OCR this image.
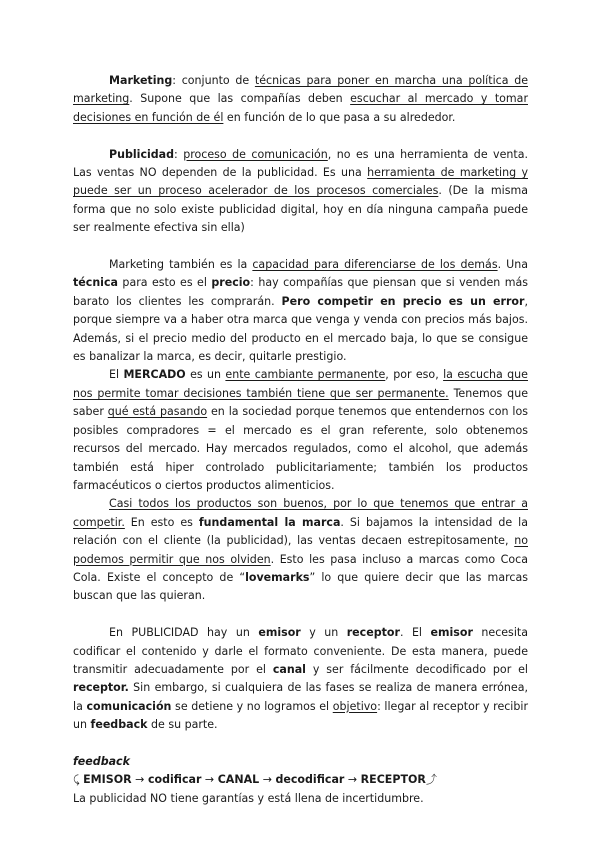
Marketing: conjunto de técnicas para poner en marcha una política de marketing. Supone que las compañías deben escuchar al mercado y tomar decisiones en función de él en función de lo que pasa a su alrededor.

Publicidad: proceso de comunicación, no es una herramienta de venta. Las ventas NO dependen de la publicidad. Es una herramienta de marketing y puede ser un proceso acelerador de los procesos comerciales. (De la misma forma que no solo existe publicidad digital, hoy en día ninguna campaña puede ser realmente efectiva sin ella)

Marketing también es la capacidad para diferenciarse de los demás. Una técnica para esto es el precio: hay compañías que piensan que si venden más barato los clientes les comprarán. Pero competir en precio es un error, porque siempre va a haber otra marca que venga y venda con precios más bajos. Además, si el precio medio del producto en el mercado baja, lo que se consigue es banalizar la marca, es decir, quitarle prestigio.

El MERCADO es un ente cambiante permanente, por eso, la escucha que nos permite tomar decisiones también tiene que ser permanente. Tenemos que saber qué está pasando en la sociedad porque tenemos que entendernos con los posibles compradores = el mercado es el gran referente, solo obtenemos recursos del mercado. Hay mercados regulados, como el alcohol, que además también está hiper controlado publicitariamente; también los productos farmacéuticos o ciertos productos alimenticios.

Casi todos los productos son buenos, por lo que tenemos que entrar a competir. En esto es fundamental la marca. Si bajamos la intensidad de la relación con el cliente (la publicidad), las ventas decaen estrepitosamente, no podemos permitir que nos olviden. Esto les pasa incluso a marcas como Coca Cola. Existe el concepto de “lovemarks” lo que quiere decir que las marcas buscan que las quieran.

En PUBLICIDAD hay un emisor y un receptor. El emisor necesita codificar el contenido y darle el formato conveniente. De esta manera, puede transmitir adecuadamente por el canal y ser fácilmente decodificado por el receptor. Sin embargo, si cualquiera de las fases se realiza de manera errónea, la comunicación se detiene y no logramos el objetivo: llegar al receptor y recibir un feedback de su parte.

feedback

⤹ EMISOR → codificar → CANAL → decodificar → RECEPTOR⤴

La publicidad NO tiene garantías y está llena de incertidumbre.
